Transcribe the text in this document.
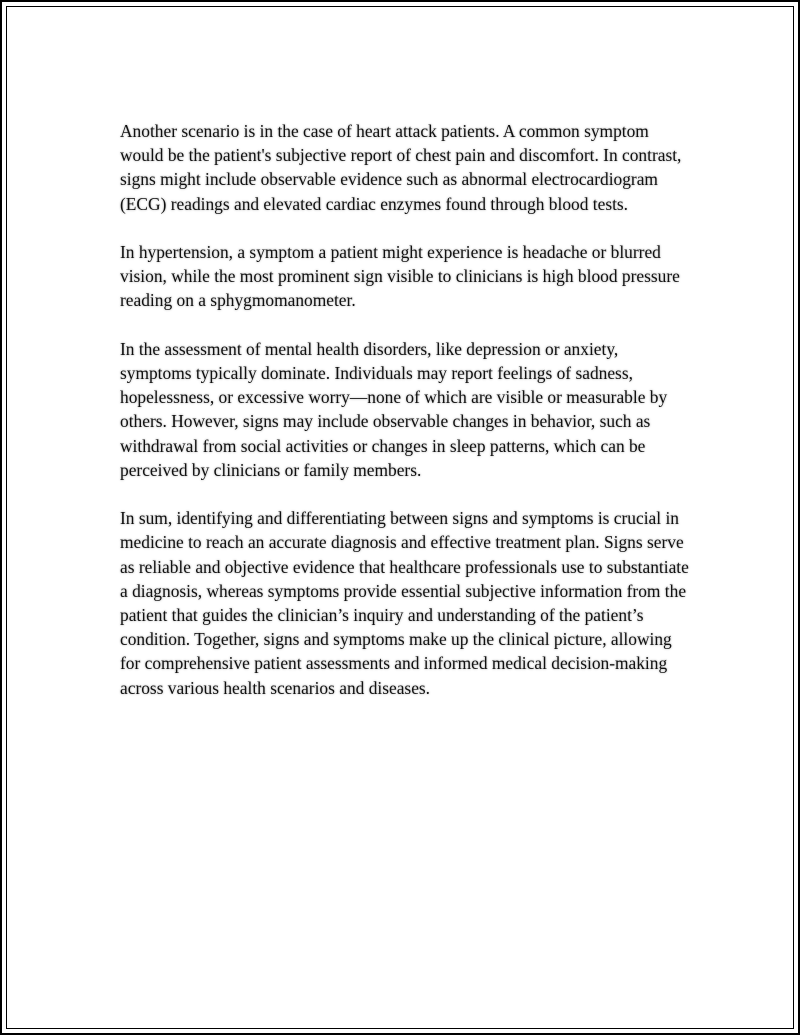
Another scenario is in the case of heart attack patients. A common symptom would be the patient's subjective report of chest pain and discomfort. In contrast, signs might include observable evidence such as abnormal electrocardiogram (ECG) readings and elevated cardiac enzymes found through blood tests.

In hypertension, a symptom a patient might experience is headache or blurred vision, while the most prominent sign visible to clinicians is high blood pressure reading on a sphygmomanometer.

In the assessment of mental health disorders, like depression or anxiety, symptoms typically dominate. Individuals may report feelings of sadness, hopelessness, or excessive worry—none of which are visible or measurable by others. However, signs may include observable changes in behavior, such as withdrawal from social activities or changes in sleep patterns, which can be perceived by clinicians or family members.

In sum, identifying and differentiating between signs and symptoms is crucial in medicine to reach an accurate diagnosis and effective treatment plan. Signs serve as reliable and objective evidence that healthcare professionals use to substantiate a diagnosis, whereas symptoms provide essential subjective information from the patient that guides the clinician’s inquiry and understanding of the patient’s condition. Together, signs and symptoms make up the clinical picture, allowing for comprehensive patient assessments and informed medical decision-making across various health scenarios and diseases.
